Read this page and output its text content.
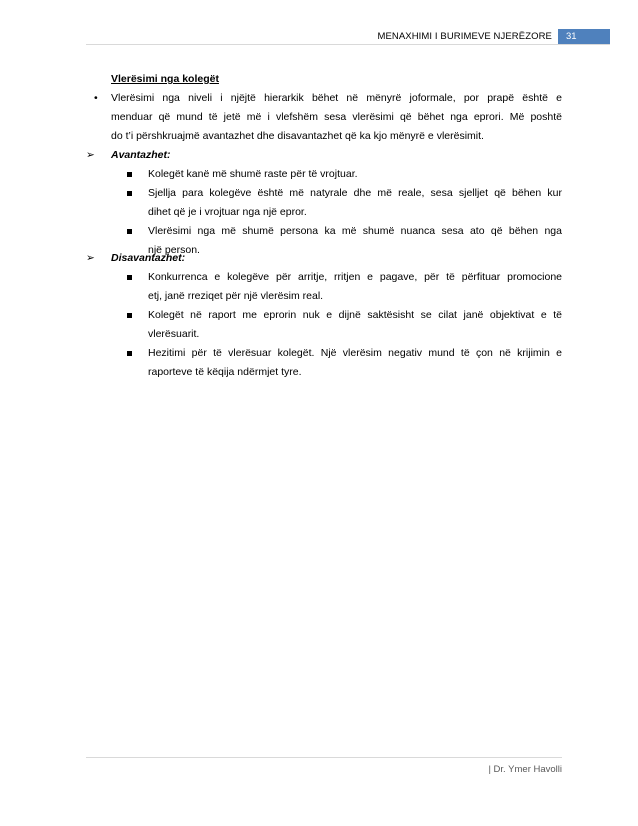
MENAXHIMI I BURIMEVE NJERËZORE	31
Vlerësimi nga kolegët
• Vlerësimi nga niveli i njëjtë hierarkik bëhet në mënyrë joformale, por prapë është e
menduar që mund të jetë më i vlefshëm sesa vlerësimi që bëhet nga eprori. Më poshtë
do t’i përshkruajmë avantazhet dhe disavantazhet që ka kjo mënyrë e vlerësimit.
➢ Avantazhet:
Kolegët kanë më shumë raste për të vrojtuar.
Sjellja para kolegëve është më natyrale dhe më reale, sesa sjelljet që bëhen kur
dihet që je i vrojtuar nga një epror.
Vlerësimi nga më shumë persona ka më shumë nuanca sesa ato që bëhen nga
një person.
➢ Disavantazhet:
Konkurrenca e kolegëve për arritje, rritjen e pagave, për të përfituar promocione
etj, janë rreziqet për një vlerësim real.
Kolegët në raport me eprorin nuk e dijnë saktësisht se cilat janë objektivat e të
vlerësuarit.
Hezitimi për të vlerësuar kolegët. Një vlerësim negativ mund të çon në krijimin e
raporteve të këqija ndërmjet tyre.
| Dr. Ymer Havolli
